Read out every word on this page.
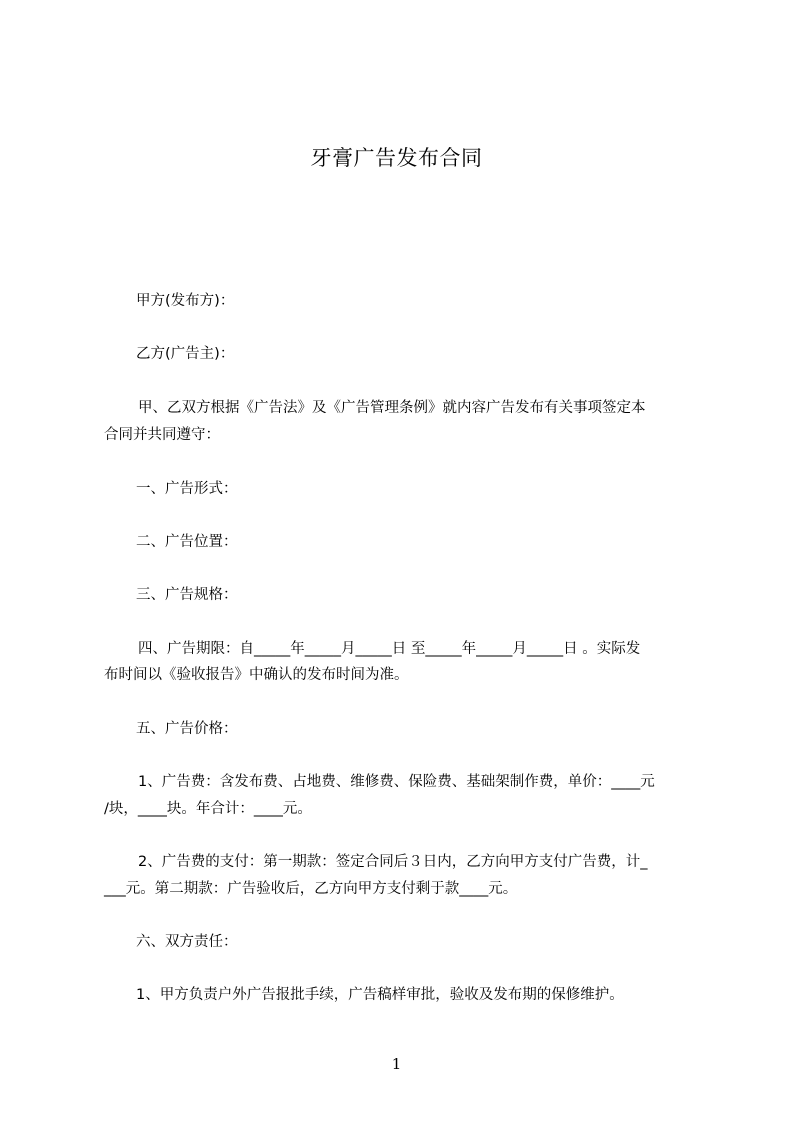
牙膏广告发布合同
甲方(发布方)：
乙方(广告主)：
甲、乙双方根据《广告法》及《广告管理条例》就内容广告发布有关事项签定本
合同并共同遵守：
一、广告形式：
二、广告位置：
三、广告规格：
四、广告期限：自_____年_____月_____日 至_____年_____月_____日 。实际发
布时间以《验收报告》中确认的发布时间为准。
五、广告价格：
1、广告费：含发布费、占地费、维修费、保险费、基础架制作费，单价：____元
/块，____块。年合计：____元。
2、广告费的支付：第一期款：签定合同后３日内，乙方向甲方支付广告费，计_
___元。第二期款：广告验收后，乙方向甲方支付剩于款____元。
六、双方责任：
1、甲方负责户外广告报批手续，广告稿样审批，验收及发布期的保修维护。
1
